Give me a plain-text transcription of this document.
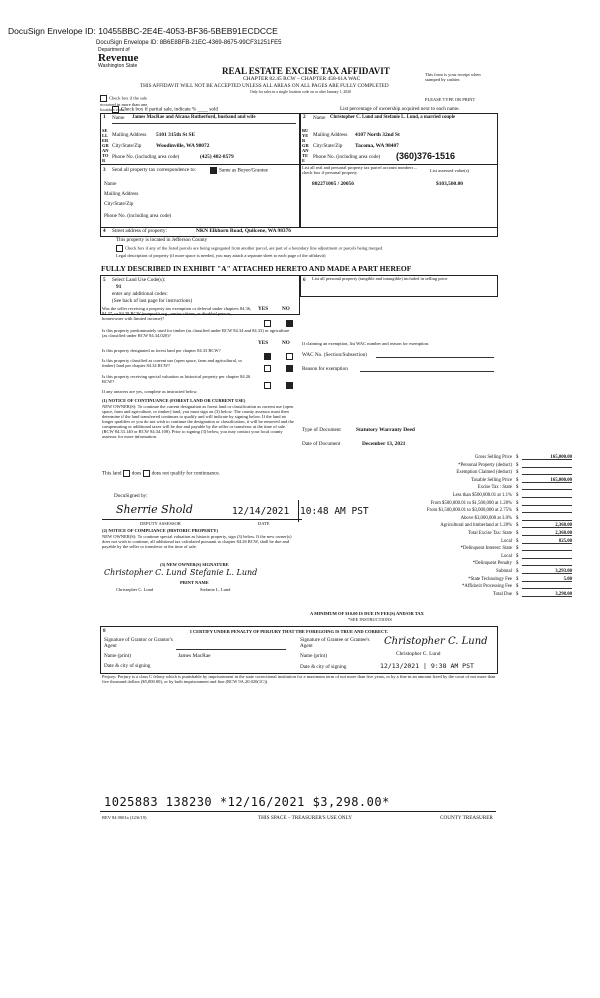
DocuSign Envelope ID: 10455BBC-2E4E-4053-BF36-5BEB91ECDCCE
DocuSign Envelope ID: 8B6E8BFB-21EC-4369-8675-99CF31251FE5
Department of
Revenue
Washington State	REAL ESTATE EXCISE TAX AFFIDAVIT
CHAPTER 82.45 RCW – CHAPTER 458-61A WAC
THIS AFFIDAVIT WILL NOT BE ACCEPTED UNLESS ALL AREAS ON ALL PAGES ARE FULLY COMPLETED
Only for sales in a single location code on or after January 1, 2020
This form is your receipt when stamped by cashier.
PLEASE TYPE OR PRINT
Check box if the sale occurred in more than one location code.
Check box if partial sale, indicate % ____ sold	List percentage of ownership acquired next to each name.
1	2
SELLER GRANTOR
BUYER GRANTEE
Name James MacRae and Alcana Rutherford, husband and wife
Mailing Address 5101 315th St SE
City/State/Zip	Woodinville, WA 98072
Phone No. (including area code)	(425) 402-8579
Name Christopher C. Lund and Stefanie L. Lund, a married couple
Mailing Address 4107 North 32nd St
City/State/Zip Tacoma, WA 98407
Phone No. (including area code) (360)376-1516
3 Send all property tax correspondence to:	Same as Buyer/Grantee
Name
Mailing Address
City/State/Zip
Phone No. (including area code)
List all real and personal property tax parcel account numbers – check box if personal property	List assessed value(s)
802271005 / 20056	$103,500.00
4 Street address of property:	NKN Elkhorn Road, Quilcene, WA 98376
This property is located in Jefferson County
Check box if any of the listed parcels are being segregated from another parcel, are part of a boundary line adjustment or parcels being merged.
Legal description of property (if more space is needed, you may attach a separate sheet to each page of the affidavit)
FULLY DESCRIBED IN EXHIBIT "A" ATTACHED HERETO AND MADE A PART HEREOF
5 Select Land Use Code(s):
91
enter any additional codes:
(See back of last page for instructions)
YES	NO
Was the seller receiving a property tax exemption or deferral under chapters 84.36, 84.37, or 84.38 RCW (nonprofit org., senior citizen, or disabled person, homeowner with limited income)?
Is this property predominately used for timber (as classified under RCW 84.34 and 84.33) or agriculture (as classified under RCW 84.34.020)?
YES	NO
Is this property designated as forest land per chapter 84.33 RCW?
Is this property classified as current use (open space, farm and agricultural, or timber) land per chapter 84.34 RCW?
Is this property receiving special valuation as historical property per chapter 84.26 RCW?
If any answers are yes, complete as instructed below.
(1) NOTICE OF CONTINUANCE (FOREST LAND OR CURRENT USE)
NEW OWNER(S): To continue the current designation as forest land or classification as current use (open space, farm and agriculture, or timber) land, you must sign on (3) below. The county assessor must then determine if the land transferred continues to qualify and will indicate by signing below. If the land no longer qualifies or you do not wish to continue the designation or classification, it will be removed and the compensating or additional taxes will be due and payable by the seller or transferor at the time of sale. (RCW 84.33.140 or RCW 84.34.108). Prior to signing (3) below, you may contact your local county assessor for more information.
This land does does not qualify for continuance.
DocuSigned by:
Sherrie Shold	12/14/2021 10:48 AM PST
DEPUTY ASSESSOR	DATE
(2) NOTICE OF COMPLIANCE (HISTORIC PROPERTY)
NEW OWNER(S): To continue special valuation as historic property, sign (3) below. If the new owner(s) does not wish to continue, all additional tax calculated pursuant to chapter 84.26 RCW, shall be due and payable by the seller or transferor at the time of sale.
(3) NEW OWNER(S) SIGNATURE
Christopher C. Lund Stefanie L. Lund
PRINT NAME
Christopher C. Lund	Stefanie L. Lund
6 List all personal property (tangible and intangible) included in selling price.
If claiming an exemption, list WAC number and reason for exemption.
WAC No. (Section/Subsection)
Reason for exemption
Type of Document	Statutory Warranty Deed
Date of Document	December 13, 2021
Gross Selling Price $	165,000.00
*Personal Property (deduct) $
Exemption Claimed (deduct) $
Taxable Selling Price $	165,000.00
Excise Tax : State $
Less than $500,000.01 at 1.1% $
From $500,000.01 to $1,500,000 at 1.28% $
From $1,500,000.01 to $3,000,000 at 2.75% $
Above $3,000,000 at 3.0% $
Agricultural and timberland at 1.28% $	2,368.00
Total Excise Tax: State $	2,368.00
Local $	825.00
*Delinquent Interest: State $
Local $
*Delinquent Penalty $
Subtotal $	3,293.00
*State Technology Fee $	5.00
*Affidavit Processing Fee $
Total Due $	3,298.00
A MINIMUM OF $10.00 IS DUE IN FEE(S) AND/OR TAX
*SEE INSTRUCTIONS
8	I CERTIFY UNDER PENALTY OF PERJURY THAT THE FOREGOING IS TRUE AND CORRECT.
Signature of Grantor or Grantor's Agent
Name (print)	James MacRae
Date & city of signing
Signature of Grantee or Grantee's Agent	Christopher C. Lund
Name (print)	Christopher C. Lund
Date & city of signing	12/13/2021 | 9:38 AM PST
Perjury: Perjury is a class C felony which is punishable by imprisonment in the state correctional institution for a maximum term of not more than five years, or by a fine in an amount fixed by the court of not more than five thousand dollars ($5,000.00), or by both imprisonment and fine (RCW 9A.20.020(1C)).
1025883 138230 *12/16/2021 $3,298.00*
REV 84 0001a (12/6/19)	THIS SPACE – TREASURER'S USE ONLY	COUNTY TREASURER
